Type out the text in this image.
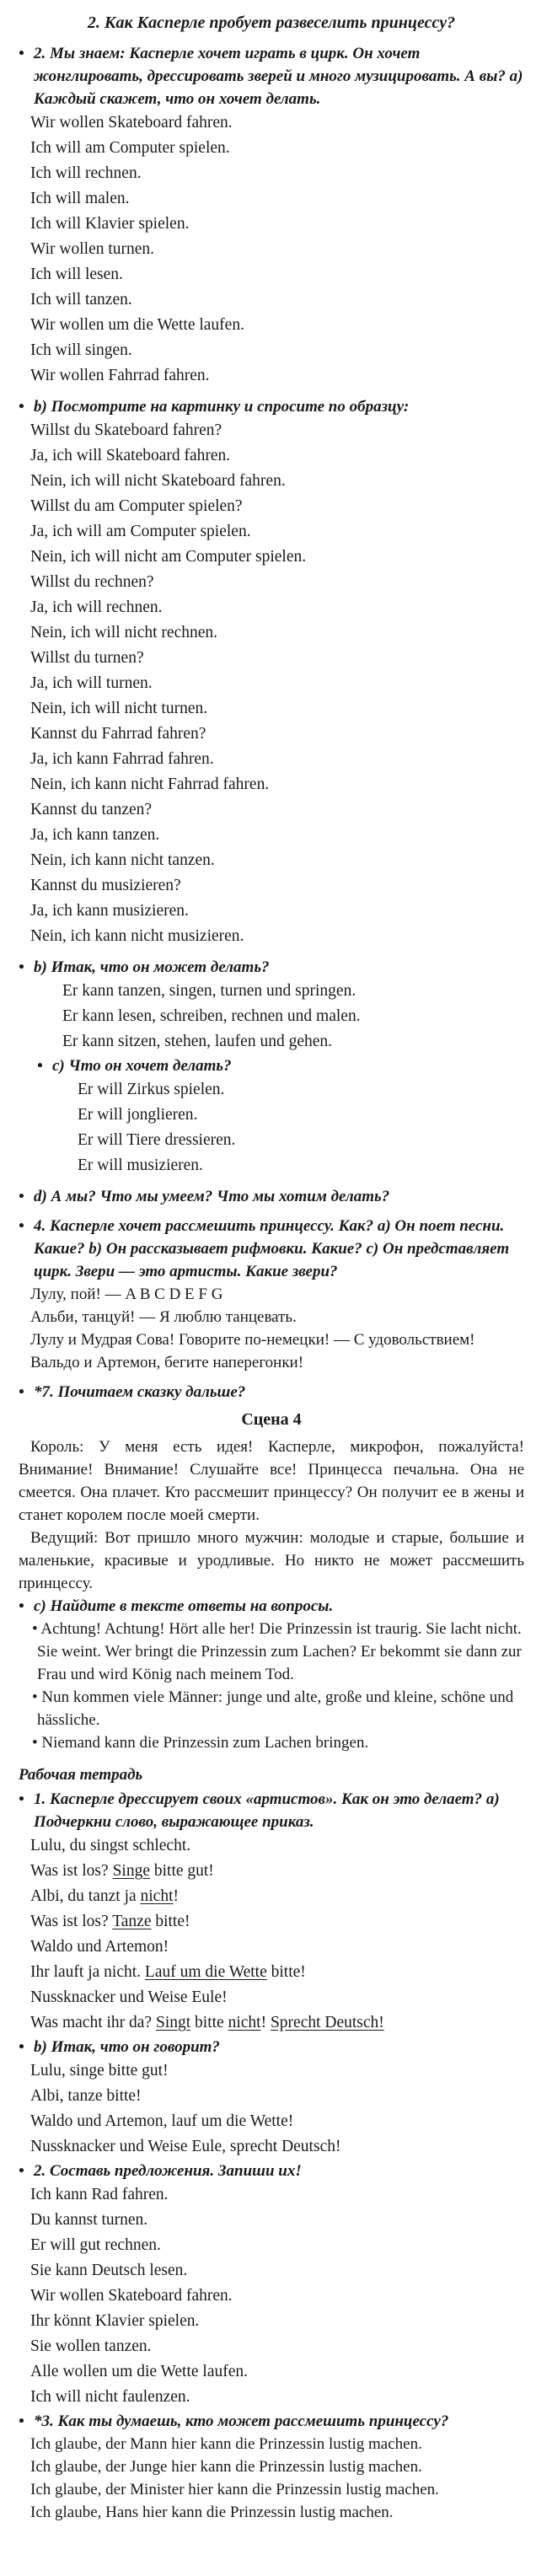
2. Как Касперле пробует развеселить принцессу?
• 2. Мы знаем: Касперле хочет играть в цирк. Он хочет жонглировать, дрессировать зверей и много музицировать. А вы? a) Каждый скажет, что он хочет делать.
Wir wollen Skateboard fahren.
Ich will am Computer spielen.
Ich will rechnen.
Ich will malen.
Ich will Klavier spielen.
Wir wollen turnen.
Ich will lesen.
Ich will tanzen.
Wir wollen um die Wette laufen.
Ich will singen.
Wir wollen Fahrrad fahren.
• b) Посмотрите на картинку и спросите по образцу:
Willst du Skateboard fahren?
Ja, ich will Skateboard fahren.
Nein, ich will nicht Skateboard fahren.
Willst du am Computer spielen?
Ja, ich will am Computer spielen.
Nein, ich will nicht am Computer spielen.
Willst du rechnen?
Ja, ich will rechnen.
Nein, ich will nicht rechnen.
Willst du turnen?
Ja, ich will turnen.
Nein, ich will nicht turnen.
Kannst du Fahrrad fahren?
Ja, ich kann Fahrrad fahren.
Nein, ich kann nicht Fahrrad fahren.
Kannst du tanzen?
Ja, ich kann tanzen.
Nein, ich kann nicht tanzen.
Kannst du musizieren?
Ja, ich kann musizieren.
Nein, ich kann nicht musizieren.
• b) Итак, что он может делать?
Er kann tanzen, singen, turnen und springen.
Er kann lesen, schreiben, rechnen und malen.
Er kann sitzen, stehen, laufen und gehen.
• c) Что он хочет делать?
Er will Zirkus spielen.
Er will jonglieren.
Er will Tiere dressieren.
Er will musizieren.
• d) А мы? Что мы умеем? Что мы хотим делать?
• 4. Касперле хочет рассмешить принцессу. Как? a) Он поет песни. Какие? b) Он рассказывает рифмовки. Какие? c) Он представляет цирк. Звери — это артисты. Какие звери?
Лулу, пой! — A B C D E F G
Альби, танцуй! — Я люблю танцевать.
Лулу и Мудрая Сова! Говорите по-немецки! — С удовольствием!
Вальдо и Артемон, бегите наперегонки!
• *7. Почитаем сказку дальше?
Сцена 4
Король: У меня есть идея! Касперле, микрофон, пожалуйста! Внимание! Внимание! Слушайте все! Принцесса печальна. Она не смеется. Она плачет. Кто рассмешит принцессу? Он получит ее в жены и станет королем после моей смерти.
Ведущий: Вот пришло много мужчин: молодые и старые, большие и маленькие, красивые и уродливые. Но никто не может рассмешить принцессу.
• c) Найдите в тексте ответы на вопросы.
• Achtung! Achtung! Hört alle her! Die Prinzessin ist traurig. Sie lacht nicht. Sie weint. Wer bringt die Prinzessin zum Lachen? Er bekommt sie dann zur Frau und wird König nach meinem Tod.
• Nun kommen viele Männer: junge und alte, große und kleine, schöne und hässliche.
• Niemand kann die Prinzessin zum Lachen bringen.
Рабочая тетрадь
• 1. Касперле дрессирует своих «артистов». Как он это делает? a) Подчеркни слово, выражающее приказ.
Lulu, du singst schlecht.
Was ist los? Singe bitte gut!
Albi, du tanzt ja nicht!
Was ist los? Tanze bitte!
Waldo und Artemon!
Ihr lauft ja nicht. Lauf um die Wette bitte!
Nussknacker und Weise Eule!
Was macht ihr da? Singt bitte nicht! Sprecht Deutsch!
• b) Итак, что он говорит?
Lulu, singe bitte gut!
Albi, tanze bitte!
Waldo und Artemon, lauf um die Wette!
Nussknacker und Weise Eule, sprecht Deutsch!
• 2. Составь предложения. Запиши их!
Ich kann Rad fahren.
Du kannst turnen.
Er will gut rechnen.
Sie kann Deutsch lesen.
Wir wollen Skateboard fahren.
Ihr könnt Klavier spielen.
Sie wollen tanzen.
Alle wollen um die Wette laufen.
Ich will nicht faulenzen.
• *3. Как ты думаешь, кто может рассмешить принцессу?
Ich glaube, der Mann hier kann die Prinzessin lustig machen.
Ich glaube, der Junge hier kann die Prinzessin lustig machen.
Ich glaube, der Minister hier kann die Prinzessin lustig machen.
Ich glaube, Hans hier kann die Prinzessin lustig machen.
